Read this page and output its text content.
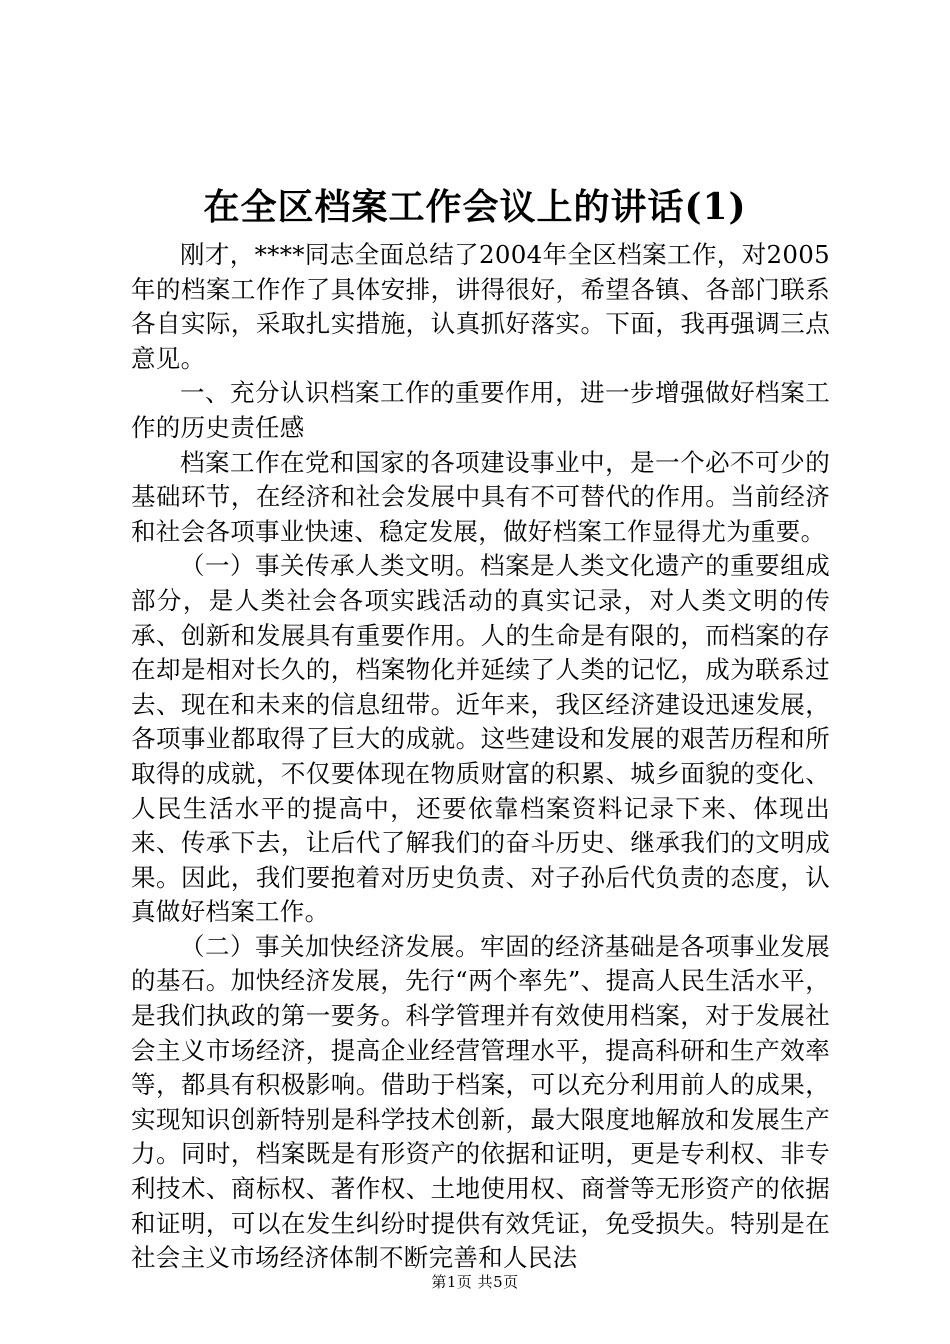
在全区档案工作会议上的讲话(1)

刚才，****同志全面总结了2004年全区档案工作，对2005年的档案工作作了具体安排，讲得很好，希望各镇、各部门联系各自实际，采取扎实措施，认真抓好落实。下面，我再强调三点意见。

一、充分认识档案工作的重要作用，进一步增强做好档案工作的历史责任感

档案工作在党和国家的各项建设事业中，是一个必不可少的基础环节，在经济和社会发展中具有不可替代的作用。当前经济和社会各项事业快速、稳定发展，做好档案工作显得尤为重要。

（一）事关传承人类文明。档案是人类文化遗产的重要组成部分，是人类社会各项实践活动的真实记录，对人类文明的传承、创新和发展具有重要作用。人的生命是有限的，而档案的存在却是相对长久的，档案物化并延续了人类的记忆，成为联系过去、现在和未来的信息纽带。近年来，我区经济建设迅速发展，各项事业都取得了巨大的成就。这些建设和发展的艰苦历程和所取得的成就，不仅要体现在物质财富的积累、城乡面貌的变化、人民生活水平的提高中，还要依靠档案资料记录下来、体现出来、传承下去，让后代了解我们的奋斗历史、继承我们的文明成果。因此，我们要抱着对历史负责、对子孙后代负责的态度，认真做好档案工作。

（二）事关加快经济发展。牢固的经济基础是各项事业发展的基石。加快经济发展，先行“两个率先”、提高人民生活水平，是我们执政的第一要务。科学管理并有效使用档案，对于发展社会主义市场经济，提高企业经营管理水平，提高科研和生产效率等，都具有积极影响。借助于档案，可以充分利用前人的成果，实现知识创新特别是科学技术创新，最大限度地解放和发展生产力。同时，档案既是有形资产的依据和证明，更是专利权、非专利技术、商标权、著作权、土地使用权、商誉等无形资产的依据和证明，可以在发生纠纷时提供有效凭证，免受损失。特别是在社会主义市场经济体制不断完善和人民法

第1页 共5页
